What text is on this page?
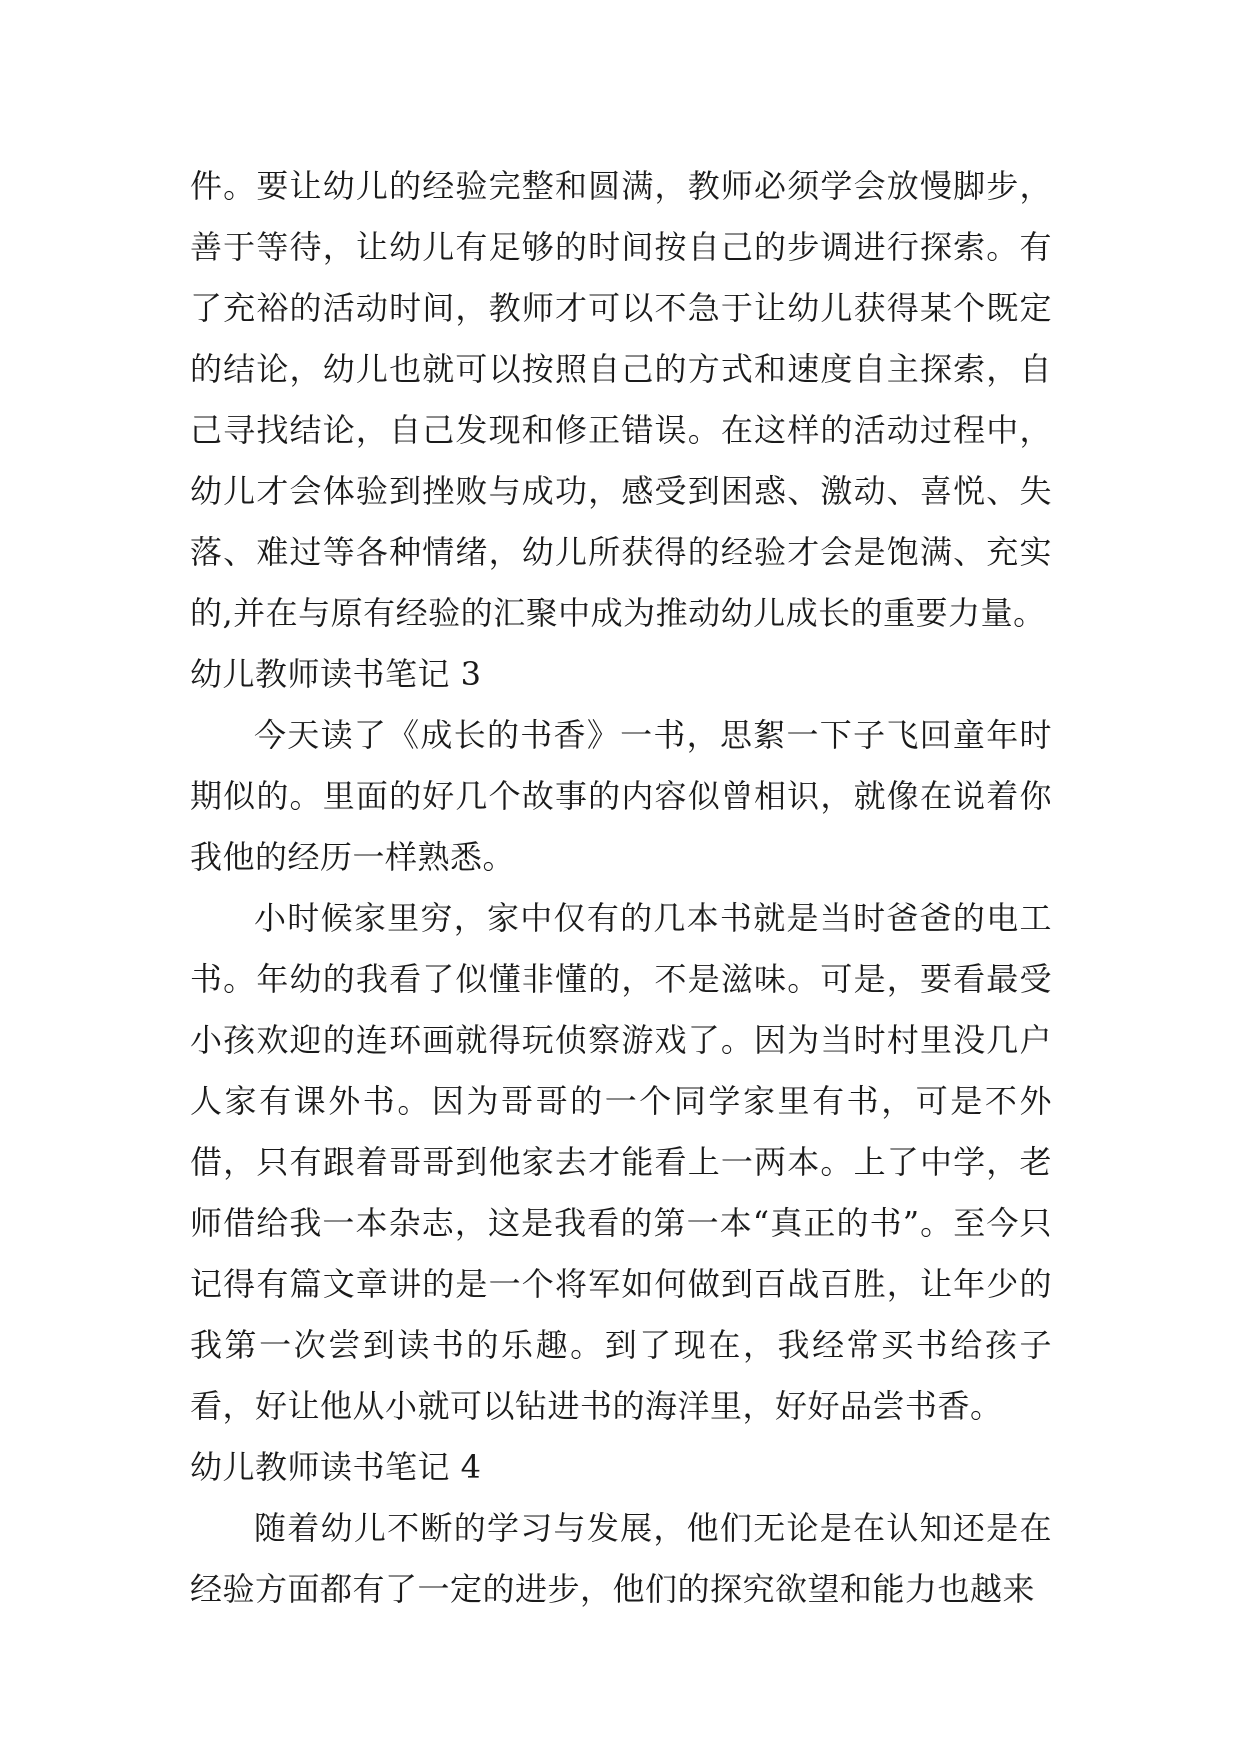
件。要让幼儿的经验完整和圆满，教师必须学会放慢脚步，善于等待，让幼儿有足够的时间按自己的步调进行探索。有了充裕的活动时间，教师才可以不急于让幼儿获得某个既定的结论，幼儿也就可以按照自己的方式和速度自主探索，自己寻找结论，自己发现和修正错误。在这样的活动过程中，幼儿才会体验到挫败与成功，感受到困惑、激动、喜悦、失落、难过等各种情绪，幼儿所获得的经验才会是饱满、充实的,并在与原有经验的汇聚中成为推动幼儿成长的重要力量。

幼儿教师读书笔记 3

今天读了《成长的书香》一书，思絮一下子飞回童年时期似的。里面的好几个故事的内容似曾相识，就像在说着你我他的经历一样熟悉。

小时候家里穷，家中仅有的几本书就是当时爸爸的电工书。年幼的我看了似懂非懂的，不是滋味。可是，要看最受小孩欢迎的连环画就得玩侦察游戏了。因为当时村里没几户人家有课外书。因为哥哥的一个同学家里有书，可是不外借，只有跟着哥哥到他家去才能看上一两本。上了中学，老师借给我一本杂志，这是我看的第一本“真正的书”。至今只记得有篇文章讲的是一个将军如何做到百战百胜，让年少的我第一次尝到读书的乐趣。到了现在，我经常买书给孩子看，好让他从小就可以钻进书的海洋里，好好品尝书香。

幼儿教师读书笔记 4

随着幼儿不断的学习与发展，他们无论是在认知还是在经验方面都有了一定的进步，他们的探究欲望和能力也越来
